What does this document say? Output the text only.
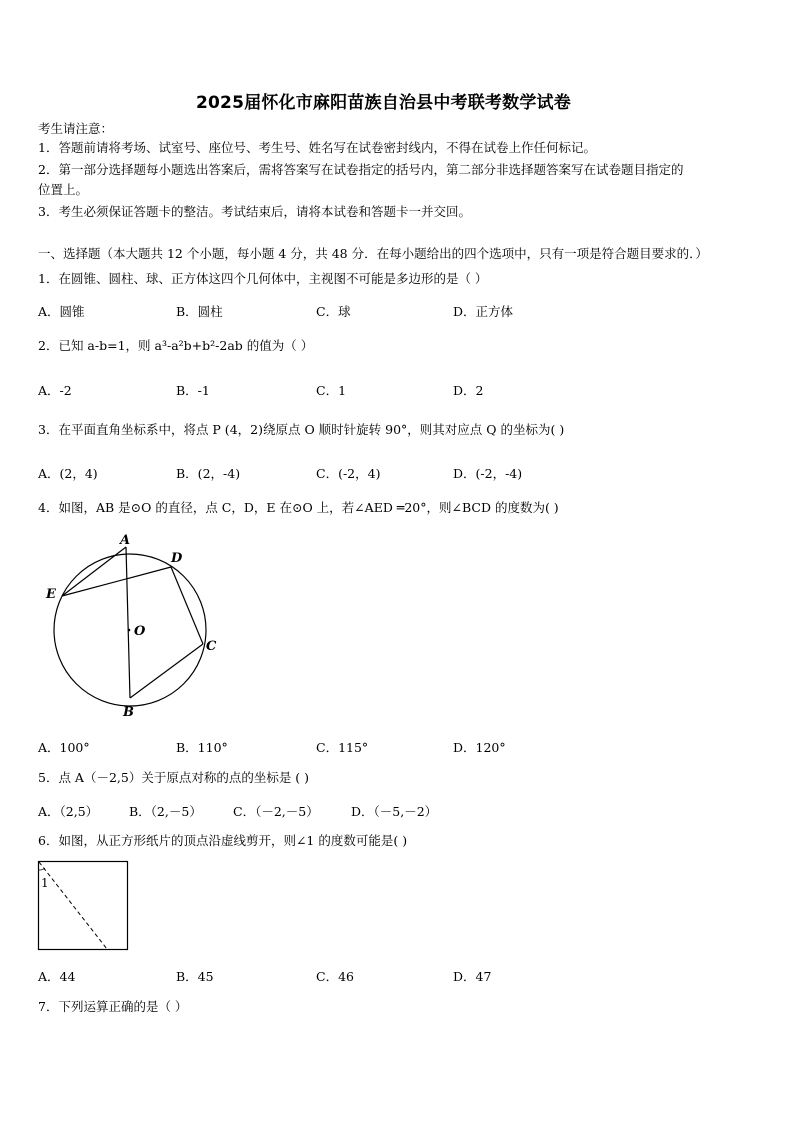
2025届怀化市麻阳苗族自治县中考联考数学试卷
考生请注意：
1．答题前请将考场、试室号、座位号、考生号、姓名写在试卷密封线内，不得在试卷上作任何标记。
2．第一部分选择题每小题选出答案后，需将答案写在试卷指定的括号内，第二部分非选择题答案写在试卷题目指定的
位置上。
3．考生必须保证答题卡的整洁。考试结束后，请将本试卷和答题卡一并交回。
一、选择题（本大题共 12 个小题，每小题 4 分，共 48 分．在每小题给出的四个选项中，只有一项是符合题目要求的．）
1．在圆锥、圆柱、球、正方体这四个几何体中，主视图不可能是多边形的是（ ）
A．圆锥	B．圆柱	C．球	D．正方体
2．已知 a-b=1，则 a³-a²b+b²-2ab 的值为（ ）
A．-2	B．-1	C．1	D．2
3．在平面直角坐标系中，将点 P (4，2)绕原点 O 顺时针旋转 90°，则其对应点 Q 的坐标为( )
A．(2，4)	B．(2，-4)	C．(-2，4)	D．(-2，-4)
4．如图，AB 是⊙O 的直径，点 C，D，E 在⊙O 上，若∠AED ═20°，则∠BCD 的度数为( )
A
D
E
O
C
B
A．100°	B．110°	C．115°	D．120°
5．点 A（－2,5）关于原点对称的点的坐标是 ( )
A．（2,5） B．（2,－5） C．（－2,－5）	D．（－5,－2）
6．如图，从正方形纸片的顶点沿虚线剪开，则∠1 的度数可能是( )
1
A．44	B．45	C．46	D．47
7．下列运算正确的是（ ）
